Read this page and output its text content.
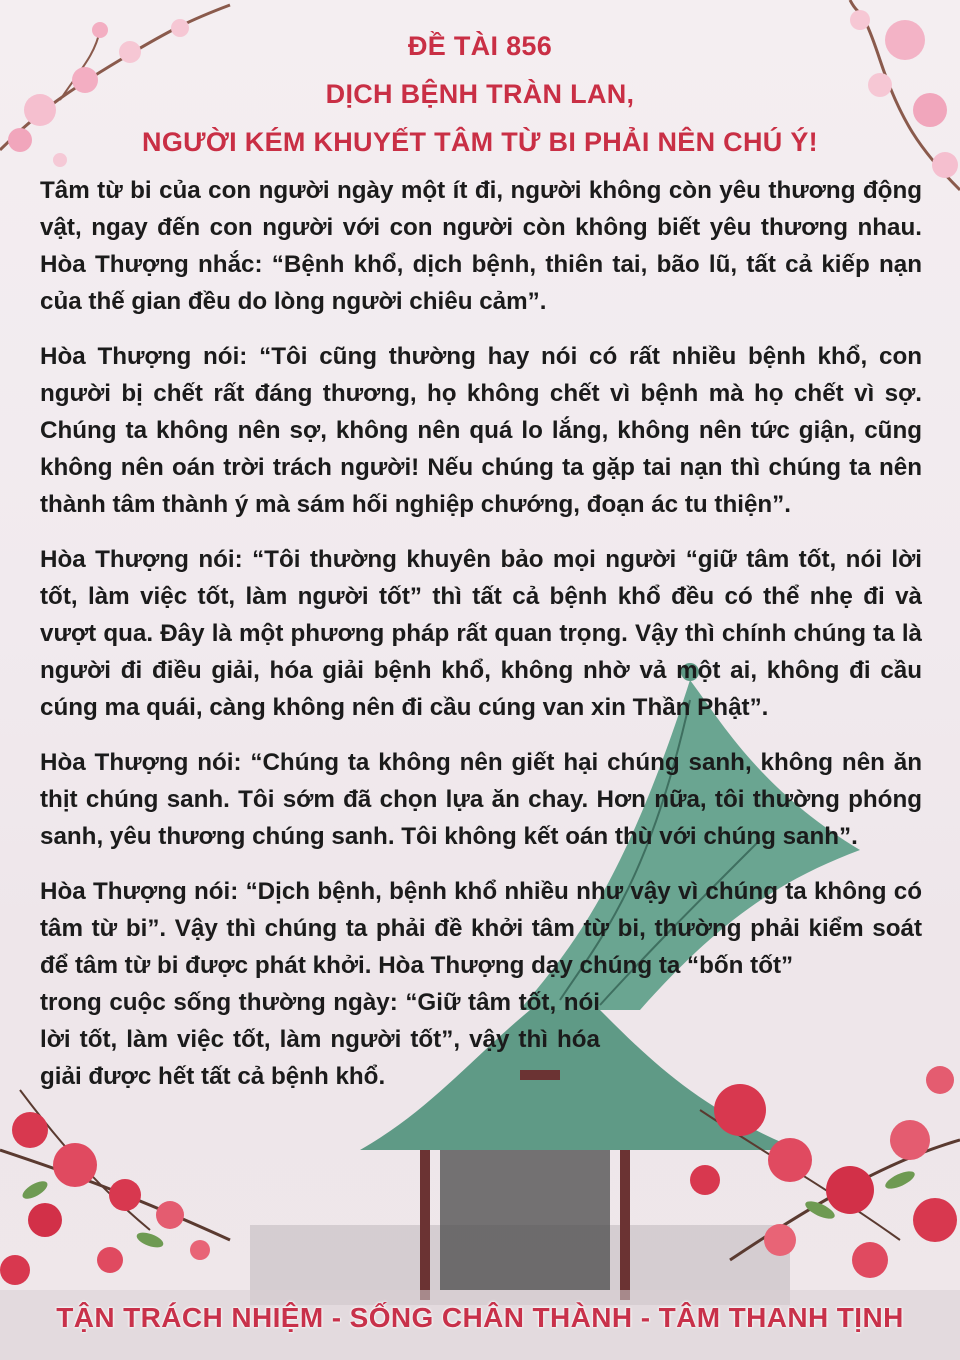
ĐỀ TÀI 856
DỊCH BỆNH TRÀN LAN,
NGƯỜI KÉM KHUYẾT TÂM TỪ BI PHẢI NÊN CHÚ Ý!

Tâm từ bi của con người ngày một ít đi, người không còn yêu thương động vật, ngay đến con người với con người còn không biết yêu thương nhau. Hòa Thượng nhắc: “Bệnh khổ, dịch bệnh, thiên tai, bão lũ, tất cả kiếp nạn của thế gian đều do lòng người chiêu cảm”.

Hòa Thượng nói: “Tôi cũng thường hay nói có rất nhiều bệnh khổ, con người bị chết rất đáng thương, họ không chết vì bệnh mà họ chết vì sợ. Chúng ta không nên sợ, không nên quá lo lắng, không nên tức giận, cũng không nên oán trời trách người! Nếu chúng ta gặp tai nạn thì chúng ta nên thành tâm thành ý mà sám hối nghiệp chướng, đoạn ác tu thiện”.

Hòa Thượng nói: “Tôi thường khuyên bảo mọi người “giữ tâm tốt, nói lời tốt, làm việc tốt, làm người tốt” thì tất cả bệnh khổ đều có thể nhẹ đi và vượt qua. Đây là một phương pháp rất quan trọng. Vậy thì chính chúng ta là người đi điều giải, hóa giải bệnh khổ, không nhờ vả một ai, không đi cầu cúng ma quái, càng không nên đi cầu cúng van xin Thần Phật”.

Hòa Thượng nói: “Chúng ta không nên giết hại chúng sanh, không nên ăn thịt chúng sanh. Tôi sớm đã chọn lựa ăn chay. Hơn nữa, tôi thường phóng sanh, yêu thương chúng sanh. Tôi không kết oán thù với chúng sanh”.

Hòa Thượng nói: “Dịch bệnh, bệnh khổ nhiều như vậy vì chúng ta không có tâm từ bi”. Vậy thì chúng ta phải đề khởi tâm từ bi, thường phải kiểm soát để tâm từ bi được phát khởi. Hòa Thượng dạy chúng ta “bốn tốt”
trong cuộc sống thường ngày: “Giữ tâm tốt, nói lời tốt, làm việc tốt, làm người tốt”, vậy thì hóa giải được hết tất cả bệnh khổ.

TẬN TRÁCH NHIỆM - SỐNG CHÂN THÀNH - TÂM THANH TỊNH
